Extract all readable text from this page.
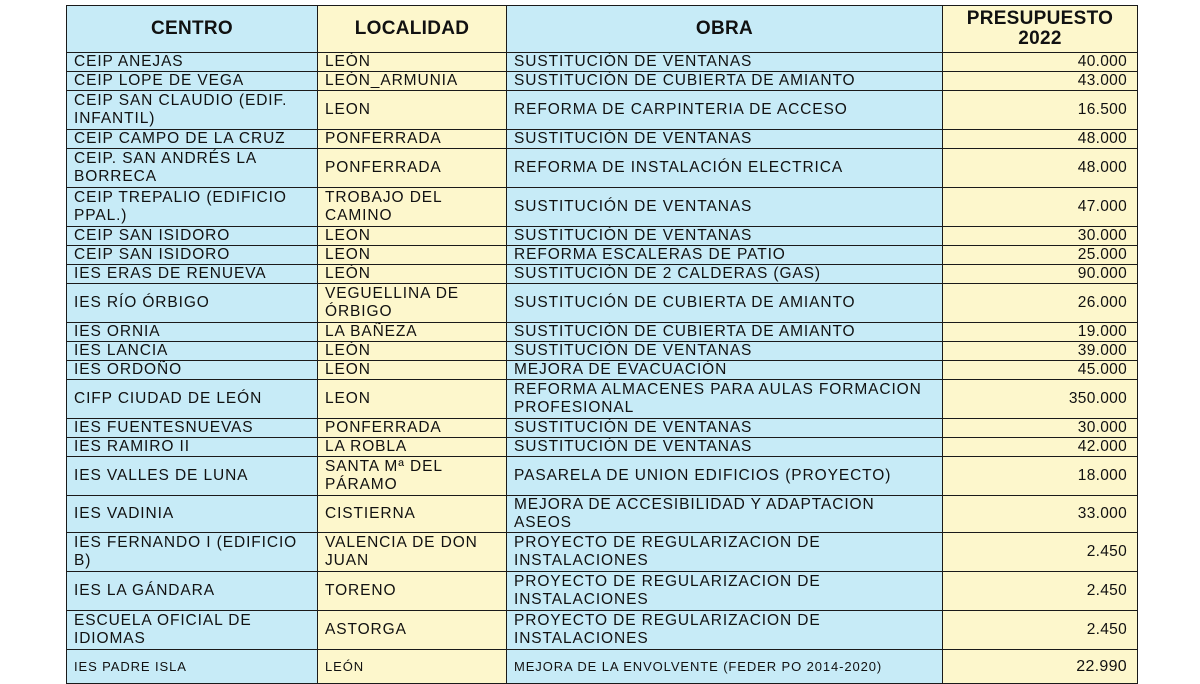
CENTRO	LOCALIDAD	OBRA	PRESUPUESTO 2022
CEIP ANEJAS	LEÓN	SUSTITUCIÓN DE VENTANAS	40.000
CEIP LOPE DE VEGA	LEÓN_ARMUNIA	SUSTITUCIÓN DE CUBIERTA DE AMIANTO	43.000
CEIP SAN CLAUDIO (EDIF. INFANTIL)	LEON	REFORMA DE CARPINTERIA DE ACCESO	16.500
CEIP CAMPO DE LA CRUZ	PONFERRADA	SUSTITUCIÓN DE VENTANAS	48.000
CEIP. SAN ANDRÉS LA BORRECA	PONFERRADA	REFORMA DE INSTALACIÓN ELECTRICA	48.000
CEIP TREPALIO (EDIFICIO PPAL.)	TROBAJO DEL CAMINO	SUSTITUCIÓN DE VENTANAS	47.000
CEIP SAN ISIDORO	LEON	SUSTITUCIÓN DE VENTANAS	30.000
CEIP SAN ISIDORO	LEON	REFORMA ESCALERAS DE PATIO	25.000
IES ERAS DE RENUEVA	LEÓN	SUSTITUCIÓN DE 2 CALDERAS (GAS)	90.000
IES RÍO ÓRBIGO	VEGUELLINA DE ÓRBIGO	SUSTITUCIÓN DE CUBIERTA DE AMIANTO	26.000
IES ORNIA	LA BAÑEZA	SUSTITUCIÓN DE CUBIERTA DE AMIANTO	19.000
IES LANCIA	LEÓN	SUSTITUCIÓN DE VENTANAS	39.000
IES ORDOÑO	LEON	MEJORA DE EVACUACIÓN	45.000
CIFP CIUDAD DE LEÓN	LEON	REFORMA ALMACENES PARA AULAS FORMACION PROFESIONAL	350.000
IES FUENTESNUEVAS	PONFERRADA	SUSTITUCIÓN DE VENTANAS	30.000
IES RAMIRO II	LA ROBLA	SUSTITUCIÓN DE VENTANAS	42.000
IES VALLES DE LUNA	SANTA Mª DEL PÁRAMO	PASARELA DE UNION EDIFICIOS (PROYECTO)	18.000
IES VADINIA	CISTIERNA	MEJORA DE ACCESIBILIDAD Y ADAPTACION ASEOS	33.000
IES FERNANDO I (EDIFICIO B)	VALENCIA DE DON JUAN	PROYECTO DE REGULARIZACION DE INSTALACIONES	2.450
IES LA GÁNDARA	TORENO	PROYECTO DE REGULARIZACION DE INSTALACIONES	2.450
ESCUELA OFICIAL DE IDIOMAS	ASTORGA	PROYECTO DE REGULARIZACION DE INSTALACIONES	2.450
IES PADRE ISLA	LEÓN	MEJORA DE LA ENVOLVENTE (FEDER PO 2014-2020)	22.990
